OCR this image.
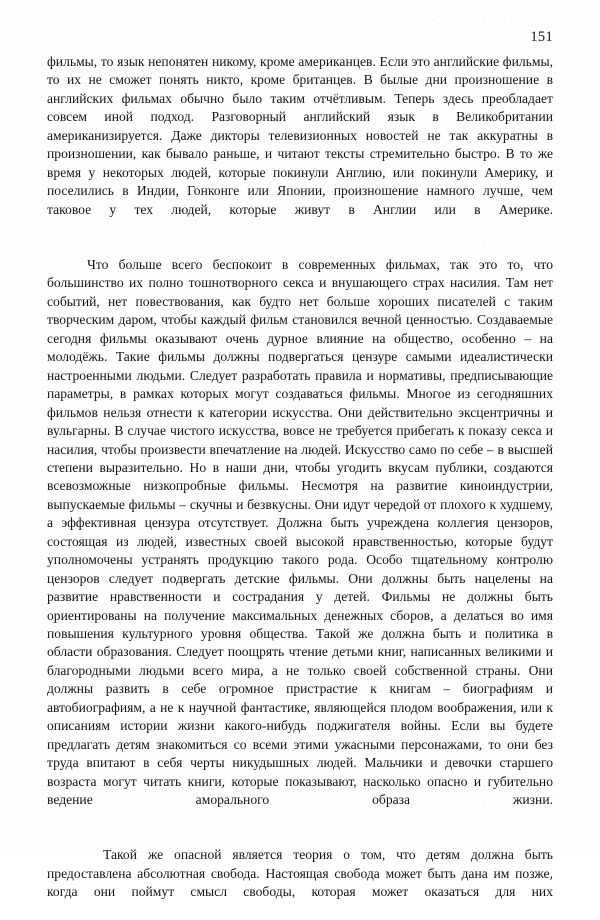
151

фильмы, то язык непонятен никому, кроме американцев. Если это английские фильмы, то их не сможет понять никто, кроме британцев. В былые дни произношение в английских фильмах обычно было таким отчётливым. Теперь здесь преобладает совсем иной подход. Разговорный английский язык в Великобритании американизируется. Даже дикторы телевизионных новостей не так аккуратны в произношении, как бывало раньше, и читают тексты стремительно быстро. В то же время у некоторых людей, которые покинули Англию, или покинули Америку, и поселились в Индии, Гонконге или Японии, произношение намного лучше, чем таковое у тех людей, которые живут в Англии или в Америке.

Что больше всего беспокоит в современных фильмах, так это то, что большинство их полно тошнотворного секса и внушающего страх насилия. Там нет событий, нет повествования, как будто нет больше хороших писателей с таким творческим даром, чтобы каждый фильм становился вечной ценностью. Создаваемые сегодня фильмы оказывают очень дурное влияние на общество, особенно – на молодёжь. Такие фильмы должны подвергаться цензуре самыми идеалистически настроенными людьми. Следует разработать правила и нормативы, предписывающие параметры, в рамках которых могут создаваться фильмы. Многое из сегодняшних фильмов нельзя отнести к категории искусства. Они действительно эксцентричны и вульгарны. В случае чистого искусства, вовсе не требуется прибегать к показу секса и насилия, чтобы произвести впечатление на людей. Искусство само по себе – в высшей степени выразительно. Но в наши дни, чтобы угодить вкусам публики, создаются всевозможные низкопробные фильмы. Несмотря на развитие киноиндустрии, выпускаемые фильмы – скучны и безвкусны. Они идут чередой от плохого к худшему, а эффективная цензура отсутствует. Должна быть учреждена коллегия цензоров, состоящая из людей, известных своей высокой нравственностью, которые будут уполномочены устранять продукцию такого рода. Особо тщательному контролю цензоров следует подвергать детские фильмы. Они должны быть нацелены на развитие нравственности и сострадания у детей. Фильмы не должны быть ориентированы на получение максимальных денежных сборов, а делаться во имя повышения культурного уровня общества. Такой же должна быть и политика в области образования. Следует поощрять чтение детьми книг, написанных великими и благородными людьми всего мира, а не только своей собственной страны. Они должны развить в себе огромное пристрастие к книгам – биографиям и автобиографиям, а не к научной фантастике, являющейся плодом воображения, или к описаниям истории жизни какого-нибудь поджигателя войны. Если вы будете предлагать детям знакомиться со всеми этими ужасными персонажами, то они без труда впитают в себя черты никудышных людей. Мальчики и девочки старшего возраста могут читать книги, которые показывают, насколько опасно и губительно ведение аморального образа жизни.

Такой же опасной является теория о том, что детям должна быть предоставлена абсолютная свобода. Настоящая свобода может быть дана им позже, когда они поймут смысл свободы, которая может оказаться для них
